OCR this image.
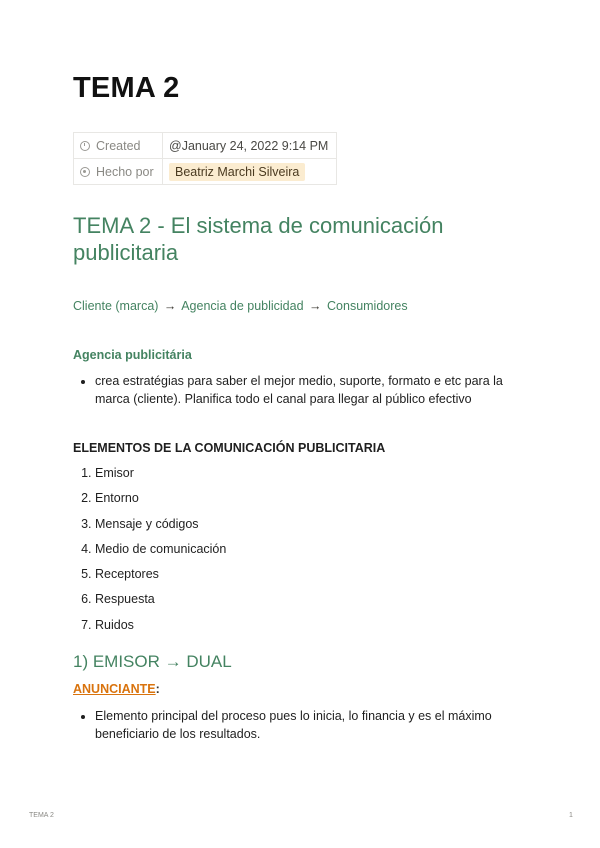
TEMA 2
Created	@January 24, 2022 9:14 PM
Hecho por	Beatriz Marchi Silveira
TEMA 2 - El sistema de comunicación publicitaria
Cliente (marca) → Agencia de publicidad → Consumidores
Agencia publicitária
• crea estratégias para saber el mejor medio, suporte, formato e etc para la marca (cliente). Planifica todo el canal para llegar al público efectivo
ELEMENTOS DE LA COMUNICACIÓN PUBLICITARIA
1. Emisor
2. Entorno
3. Mensaje y códigos
4. Medio de comunicación
5. Receptores
6. Respuesta
7. Ruidos
1) EMISOR → DUAL
ANUNCIANTE:
• Elemento principal del proceso pues lo inicia, lo financia y es el máximo beneficiario de los resultados.
TEMA 2	1
